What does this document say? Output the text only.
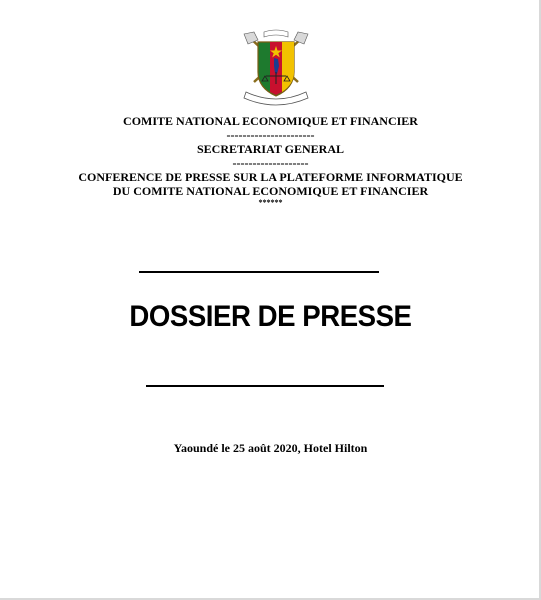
COMITE NATIONAL ECONOMIQUE ET FINANCIER
----------------------
SECRETARIAT GENERAL
-------------------
CONFERENCE DE PRESSE SUR LA PLATEFORME INFORMATIQUE
DU COMITE NATIONAL ECONOMIQUE ET FINANCIER
******
DOSSIER DE PRESSE
Yaoundé le 25 août 2020, Hotel Hilton
